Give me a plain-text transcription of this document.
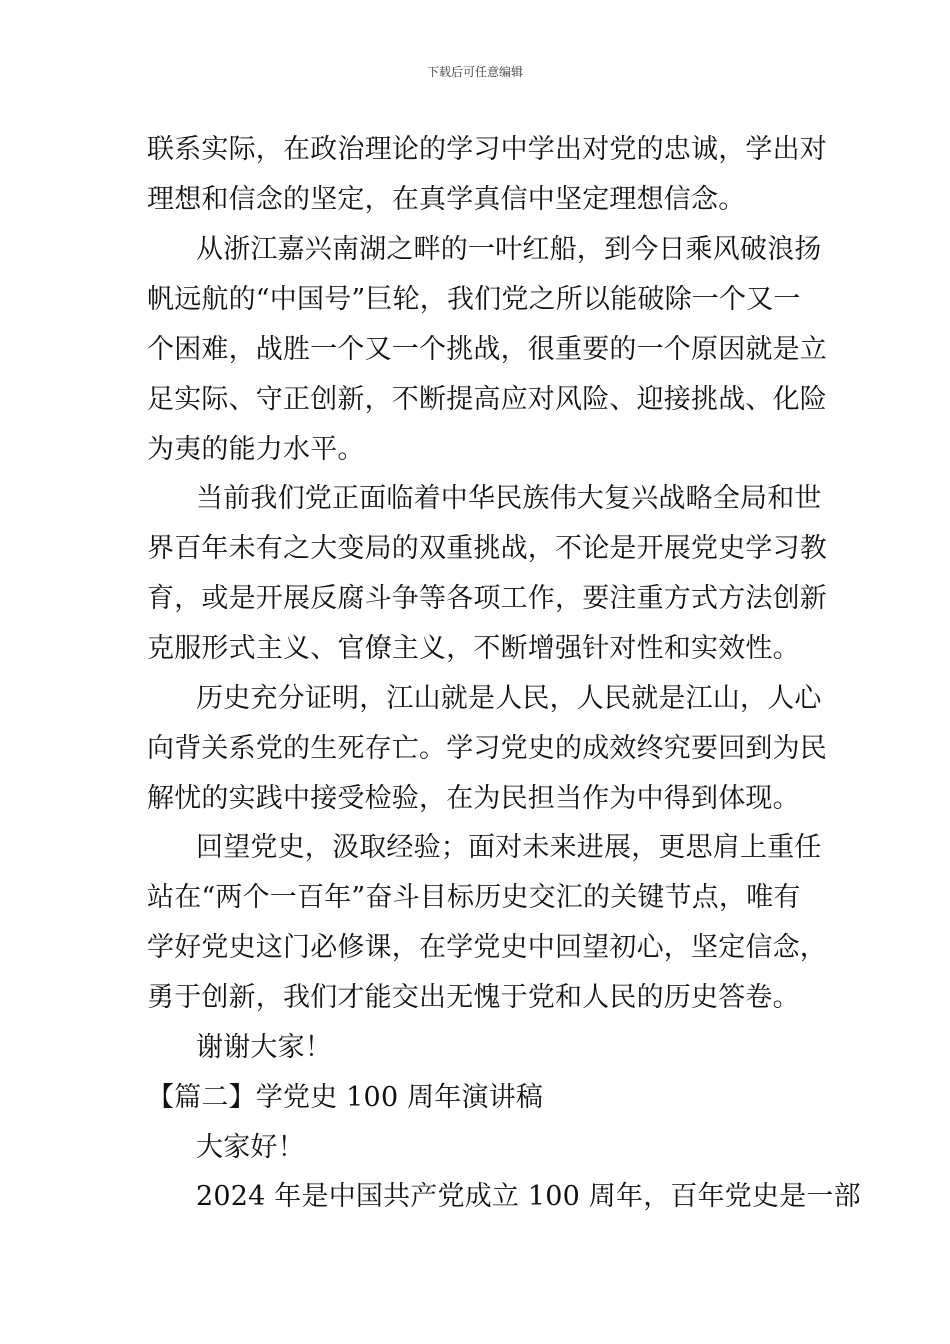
下载后可任意编辑
联系实际，在政治理论的学习中学出对党的忠诚，学出对
理想和信念的坚定，在真学真信中坚定理想信念。
从浙江嘉兴南湖之畔的一叶红船，到今日乘风破浪扬
帆远航的“中国号”巨轮，我们党之所以能破除一个又一
个困难，战胜一个又一个挑战，很重要的一个原因就是立
足实际、守正创新，不断提高应对风险、迎接挑战、化险
为夷的能力水平。
当前我们党正面临着中华民族伟大复兴战略全局和世
界百年未有之大变局的双重挑战，不论是开展党史学习教
育，或是开展反腐斗争等各项工作，要注重方式方法创新
克服形式主义、官僚主义，不断增强针对性和实效性。
历史充分证明，江山就是人民，人民就是江山，人心
向背关系党的生死存亡。学习党史的成效终究要回到为民
解忧的实践中接受检验，在为民担当作为中得到体现。
回望党史，汲取经验；面对未来进展，更思肩上重任
站在“两个一百年”奋斗目标历史交汇的关键节点，唯有
学好党史这门必修课，在学党史中回望初心，坚定信念，
勇于创新，我们才能交出无愧于党和人民的历史答卷。
谢谢大家！
【篇二】学党史 100 周年演讲稿
大家好！
2024 年是中国共产党成立 100 周年，百年党史是一部
